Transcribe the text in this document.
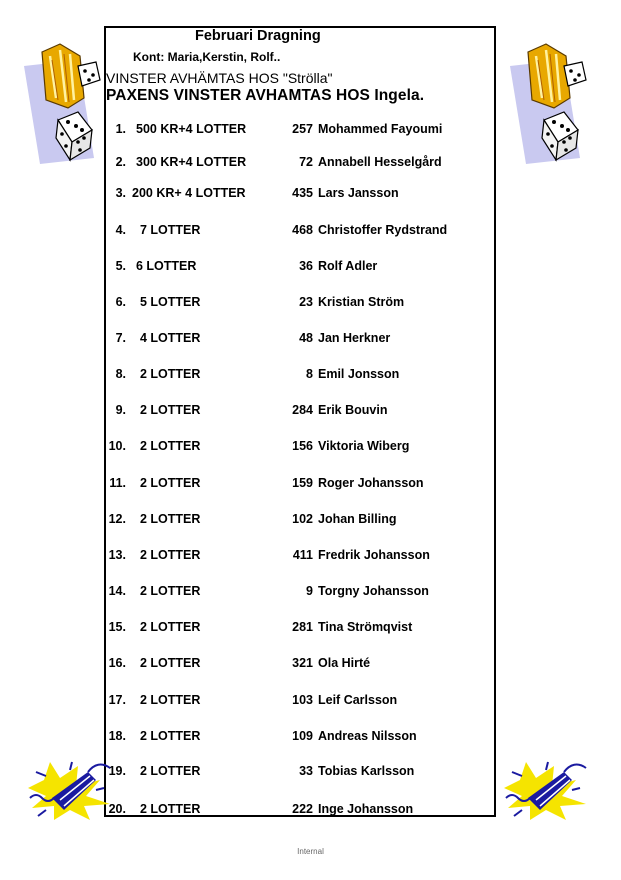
Februari Dragning
Kont: Maria,Kerstin, Rolf..
VINSTER AVHÄMTAS HOS "Strölla"
PAXENS VINSTER AVHAMTAS HOS Ingela.
1. 500 KR+4 LOTTER	257 Mohammed Fayoumi
2. 300 KR+4 LOTTER	72 Annabell Hesselgård
3. 200 KR+ 4 LOTTER	435 Lars Jansson
4. 7 LOTTER	468 Christoffer Rydstrand
5. 6 LOTTER	36 Rolf Adler
6. 5 LOTTER	23 Kristian Ström
7. 4 LOTTER	48 Jan Herkner
8. 2 LOTTER	8 Emil Jonsson
9. 2 LOTTER	284 Erik Bouvin
10. 2 LOTTER	156 Viktoria Wiberg
11. 2 LOTTER	159 Roger Johansson
12. 2 LOTTER	102 Johan Billing
13. 2 LOTTER	411 Fredrik Johansson
14. 2 LOTTER	9 Torgny Johansson
15. 2 LOTTER	281 Tina Strömqvist
16. 2 LOTTER	321 Ola Hirté
17. 2 LOTTER	103 Leif Carlsson
18. 2 LOTTER	109 Andreas Nilsson
19. 2 LOTTER	33 Tobias Karlsson
20. 2 LOTTER	222 Inge Johansson
Internal
